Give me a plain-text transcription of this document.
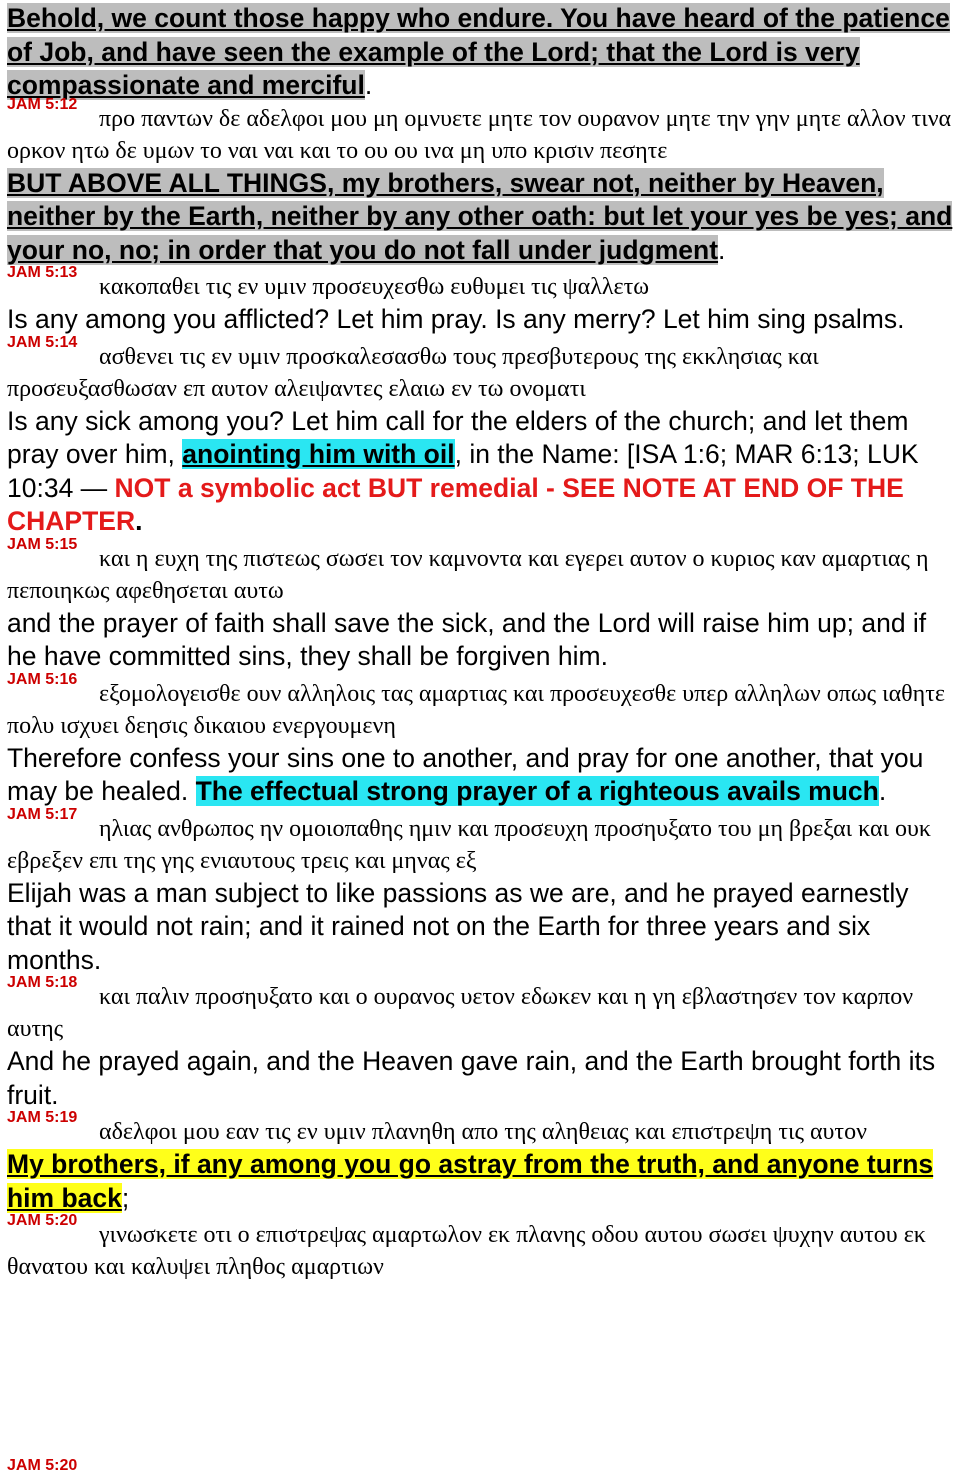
Behold, we count those happy who endure. You have heard of the patience of Job, and have seen the example of the Lord; that the Lord is very compassionate and merciful.
JAM 5:12
προ παντων δε αδελφοι μου μη ομνυετε μητε τον ουρανον μητε την γην μητε αλλον τινα ορκον ητω δε υμων το ναι ναι και το ου ου ινα μη υπο κρισιν πεσητε
BUT ABOVE ALL THINGS, my brothers, swear not, neither by Heaven, neither by the Earth, neither by any other oath: but let your yes be yes; and your no, no; in order that you do not fall under judgment.
JAM 5:13
κακοπαθει τις εν υμιν προσευχεσθω ευθυμει τις ψαλλετω
Is any among you afflicted? Let him pray. Is any merry? Let him sing psalms.
JAM 5:14
ασθενει τις εν υμιν προσκαλεσασθω τους πρεσβυτερους της εκκλησιας και προσευξασθωσαν επ αυτον αλειψαντες ελαιω εν τω ονοματι
Is any sick among you? Let him call for the elders of the church; and let them pray over him, anointing him with oil, in the Name: [ISA 1:6; MAR 6:13; LUK 10:34 — NOT a symbolic act BUT remedial - SEE NOTE AT END OF THE CHAPTER.
JAM 5:15
και η ευχη της πιστεως σωσει τον καμνοντα και εγερει αυτον ο κυριος καν αμαρτιας η πεποιηκως αφεθησεται αυτω
and the prayer of faith shall save the sick, and the Lord will raise him up; and if he have committed sins, they shall be forgiven him.
JAM 5:16
εξομολογεισθε ουν αλληλοις τας αμαρτιας και προσευχεσθε υπερ αλληλων οπως ιαθητε πολυ ισχυει δεησις δικαιου ενεργουμενη
Therefore confess your sins one to another, and pray for one another, that you may be healed. The effectual strong prayer of a righteous avails much.
JAM 5:17
ηλιας ανθρωπος ην ομοιοπαθης ημιν και προσευχη προσηυξατο του μη βρεξαι και ουκ εβρεξεν επι της γης ενιαυτους τρεις και μηνας εξ
Elijah was a man subject to like passions as we are, and he prayed earnestly that it would not rain; and it rained not on the Earth for three years and six months.
JAM 5:18
και παλιν προσηυξατο και ο ουρανος υετον εδωκεν και η γη εβλαστησεν τον καρπον αυτης
And he prayed again, and the Heaven gave rain, and the Earth brought forth its fruit.
JAM 5:19
αδελφοι μου εαν τις εν υμιν πλανηθη απο της αληθειας και επιστρεψη τις αυτον
My brothers, if any among you go astray from the truth, and anyone turns him back;
JAM 5:20
γινωσκετε οτι ο επιστρεψας αμαρτωλον εκ πλανης οδου αυτου σωσει ψυχην αυτου εκ θανατου και καλυψει πληθος αμαρτιων
JAM 5:20
